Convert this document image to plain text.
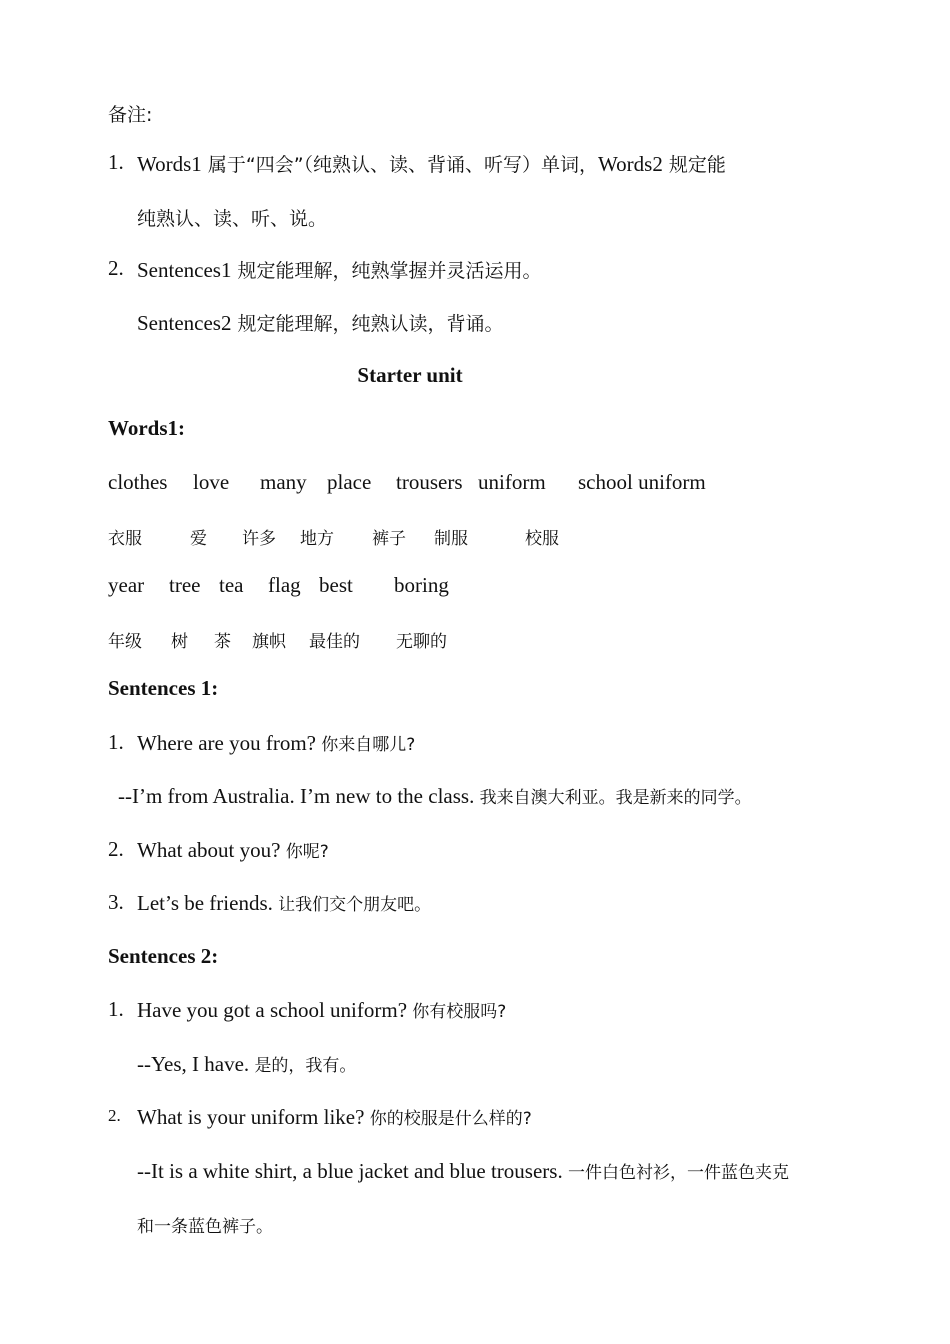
备注:
1. Words1 属于“四会”（纯熟认、读、背诵、听写）单词，Words2 规定能
纯熟认、读、听、说。
2. Sentences1 规定能理解，纯熟掌握并灵活运用。
Sentences2 规定能理解，纯熟认读，背诵。
Starter unit
Words1:
clothes love many place trousers uniform school uniform
衣服	爱 许多 地方 裤子 制服	校服
year tree tea flag best boring
年级 树 茶 旗帜 最佳的 无聊的
Sentences 1:
1. Where are you from? 你来自哪儿?
--I’m from Australia. I’m new to the class. 我来自澳大利亚。我是新来的同学。
2. What about you? 你呢?
3. Let’s be friends. 让我们交个朋友吧。
Sentences 2:
1. Have you got a school uniform? 你有校服吗?
--Yes, I have. 是的，我有。
2. What is your uniform like? 你的校服是什么样的?
--It is a white shirt, a blue jacket and blue trousers. 一件白色衬衫，一件蓝色夹克
和一条蓝色裤子。
